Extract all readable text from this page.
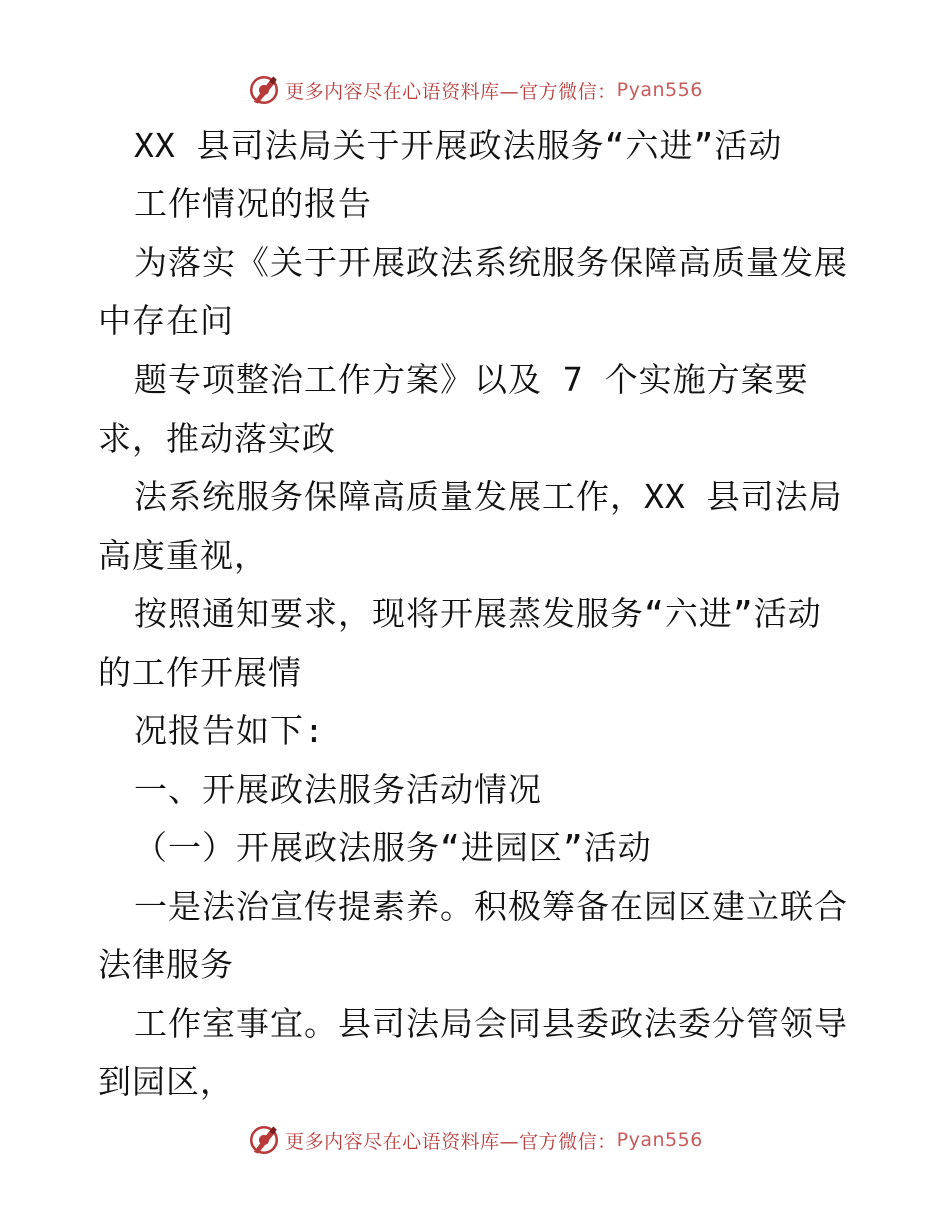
更多内容尽在心语资料库—官方微信： Pyan556
XX 县司法局关于开展政法服务“六进”活动
工作情况的报告
为落实《关于开展政法系统服务保障高质量发展
中存在问
题专项整治工作方案》以及 7 个实施方案要
求，推动落实政
法系统服务保障高质量发展工作，XX 县司法局
高度重视，
按照通知要求，现将开展蒸发服务“六进”活动
的工作开展情
况报告如下:
一、开展政法服务活动情况
（一）开展政法服务“进园区”活动
一是法治宣传提素养。积极筹备在园区建立联合
法律服务
工作室事宜。县司法局会同县委政法委分管领导
到园区，
更多内容尽在心语资料库—官方微信： Pyan556
